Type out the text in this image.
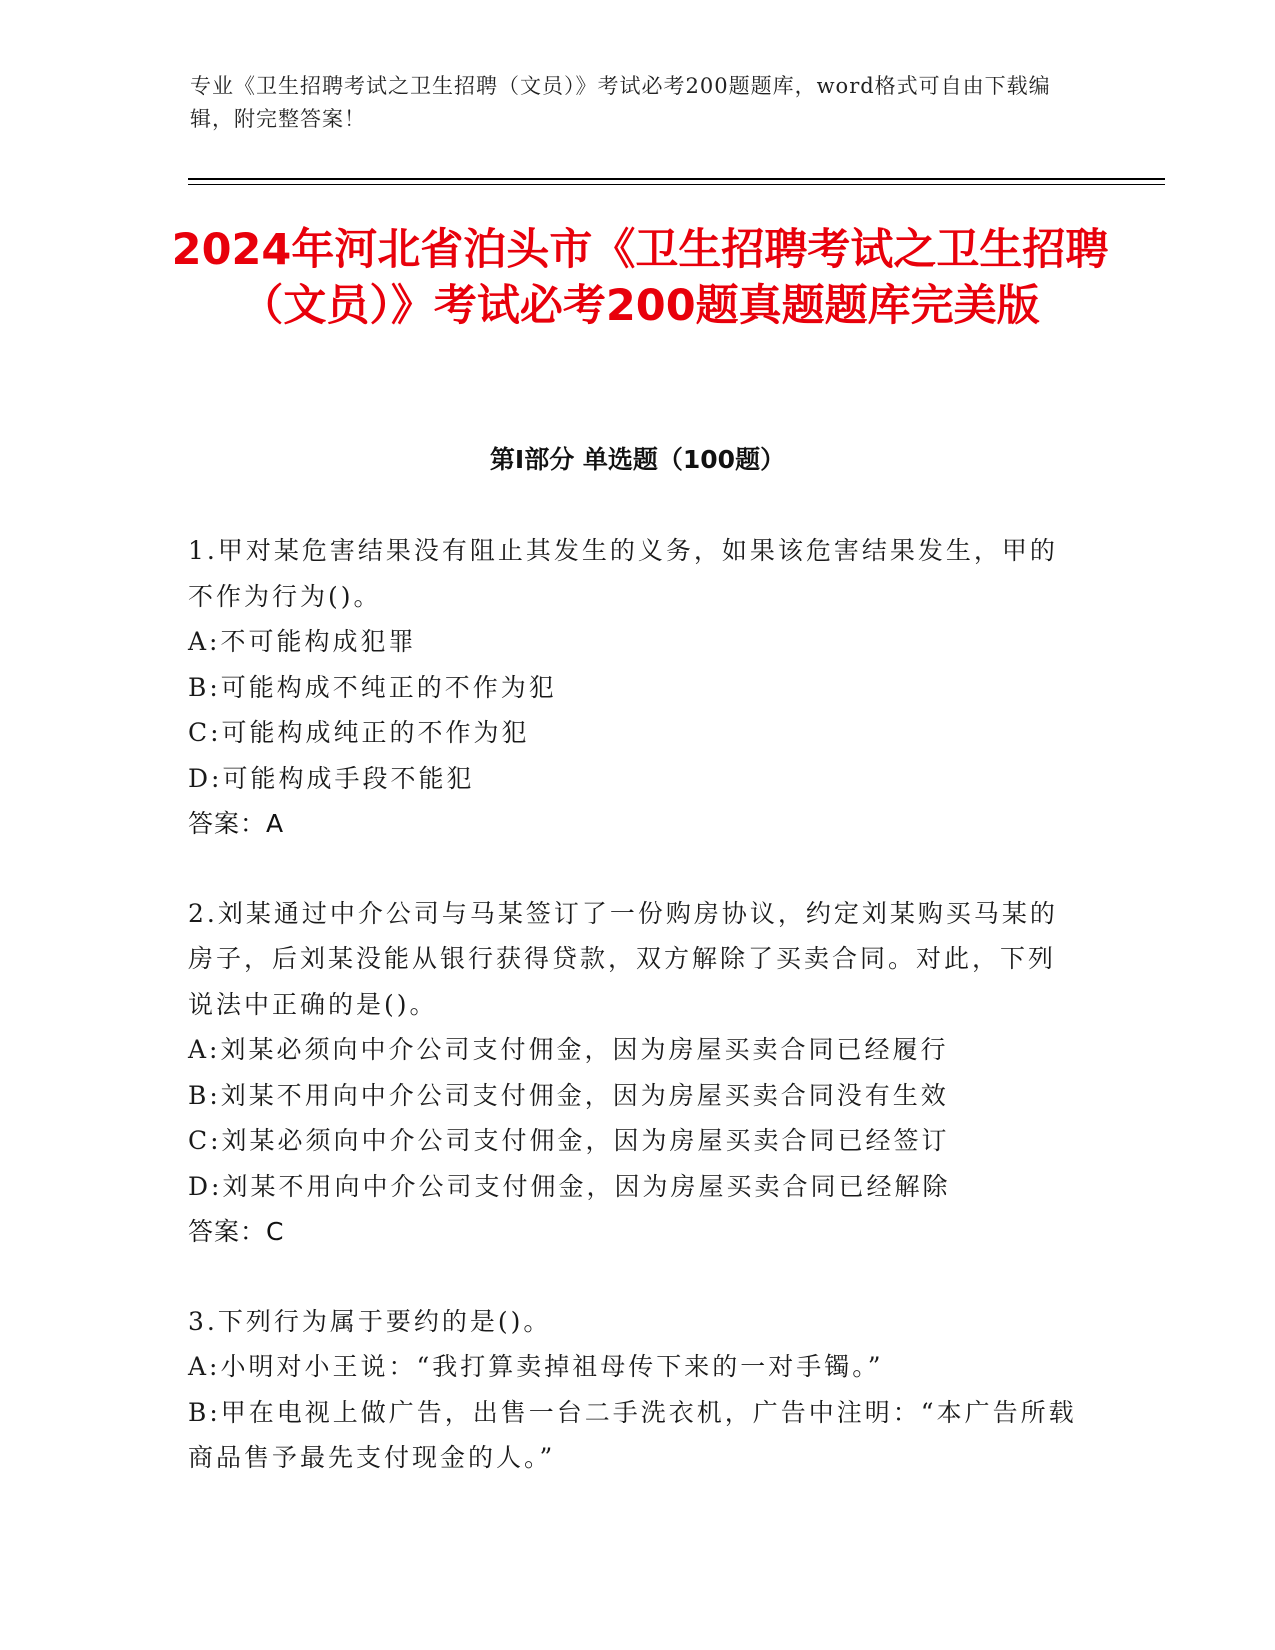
专业《卫生招聘考试之卫生招聘（文员）》考试必考200题题库，word格式可自由下载编辑，附完整答案！
2024年河北省泊头市《卫生招聘考试之卫生招聘（文员）》考试必考200题真题题库完美版
第I部分 单选题（100题）
1.甲对某危害结果没有阻止其发生的义务，如果该危害结果发生，甲的不作为行为()。
A:不可能构成犯罪
B:可能构成不纯正的不作为犯
C:可能构成纯正的不作为犯
D:可能构成手段不能犯
答案：A
2.刘某通过中介公司与马某签订了一份购房协议，约定刘某购买马某的房子，后刘某没能从银行获得贷款，双方解除了买卖合同。对此，下列说法中正确的是()。
A:刘某必须向中介公司支付佣金，因为房屋买卖合同已经履行
B:刘某不用向中介公司支付佣金，因为房屋买卖合同没有生效
C:刘某必须向中介公司支付佣金，因为房屋买卖合同已经签订
D:刘某不用向中介公司支付佣金，因为房屋买卖合同已经解除
答案：C
3.下列行为属于要约的是()。
A:小明对小王说：“我打算卖掉祖母传下来的一对手镯。”
B:甲在电视上做广告，出售一台二手洗衣机，广告中注明：“本广告所载商品售予最先支付现金的人。”
